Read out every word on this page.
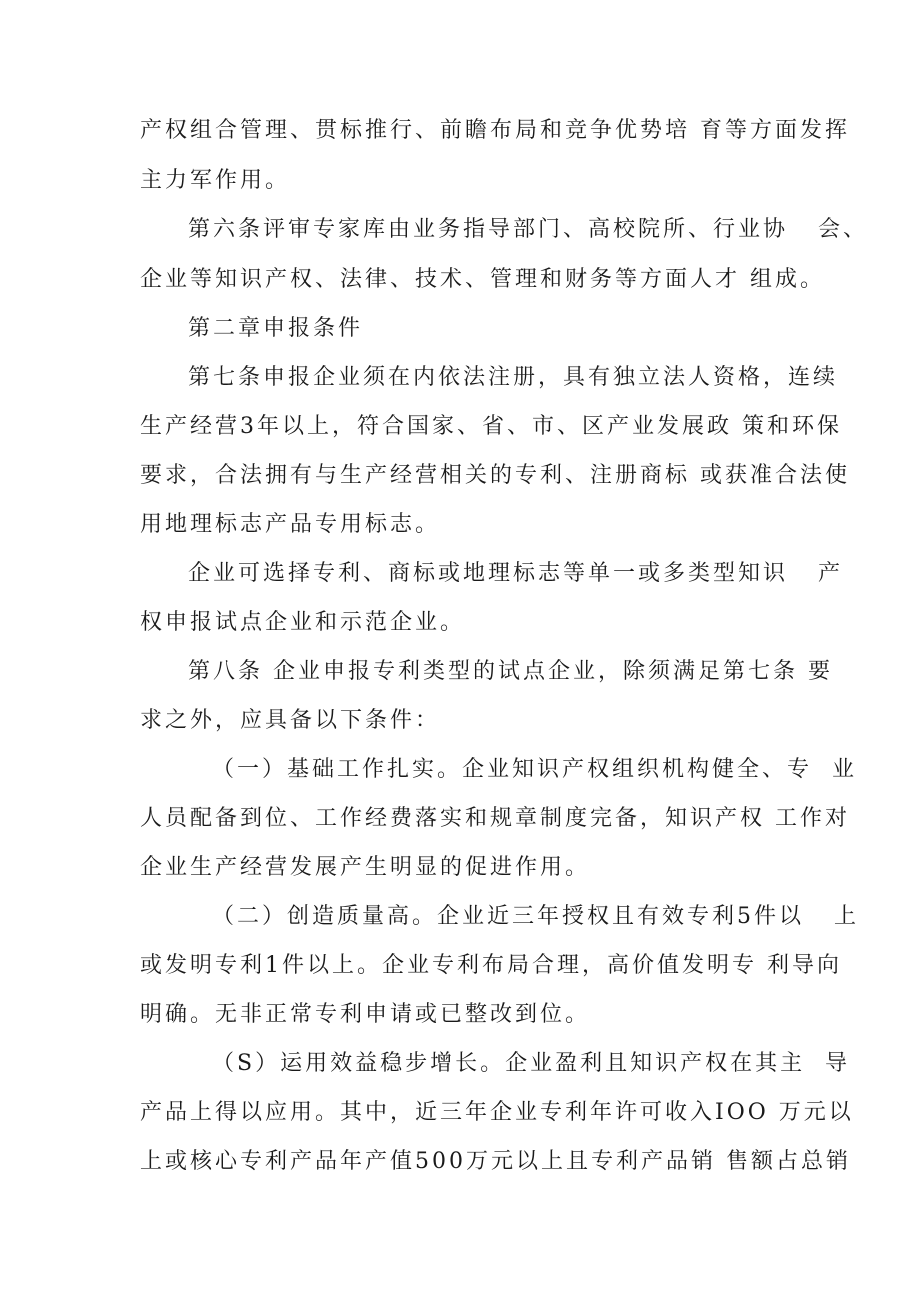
产权组合管理、贯标推行、前瞻布局和竞争优势培 育等方面发挥

主力军作用。

第六条评审专家库由业务指导部门、高校院所、行业协   会、

企业等知识产权、法律、技术、管理和财务等方面人才 组成。

第二章申报条件

第七条申报企业须在内依法注册，具有独立法人资格，连续

生产经营3年以上，符合国家、省、市、区产业发展政 策和环保

要求，合法拥有与生产经营相关的专利、注册商标 或获准合法使

用地理标志产品专用标志。

企业可选择专利、商标或地理标志等单一或多类型知识   产

权申报试点企业和示范企业。

第八条 企业申报专利类型的试点企业，除须满足第七条 要

求之外，应具备以下条件：

（一）基础工作扎实。企业知识产权组织机构健全、专  业

人员配备到位、工作经费落实和规章制度完备，知识产权 工作对

企业生产经营发展产生明显的促进作用。

（二）创造质量高。企业近三年授权且有效专利5件以   上

或发明专利1件以上。企业专利布局合理，高价值发明专 利导向

明确。无非正常专利申请或已整改到位。

（S）运用效益稳步增长。企业盈利且知识产权在其主  导

产品上得以应用。其中，近三年企业专利年许可收入IOO 万元以

上或核心专利产品年产值500万元以上且专利产品销 售额占总销
